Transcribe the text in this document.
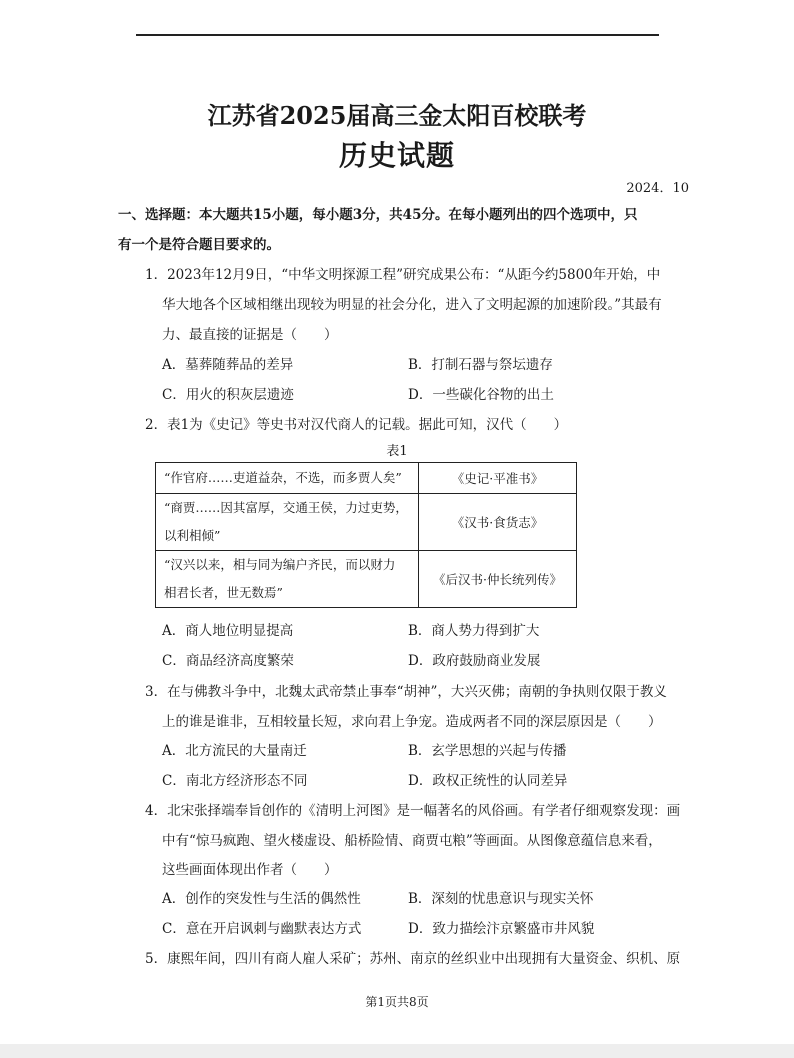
江苏省2025届高三金太阳百校联考
历史试题
2024．10
一、选择题：本大题共15小题，每小题3分，共45分。在每小题列出的四个选项中，只
有一个是符合题目要求的。
1．2023年12月9日，“中华文明探源工程”研究成果公布：“从距今约5800年开始，中
华大地各个区域相继出现较为明显的社会分化，进入了文明起源的加速阶段。”其最有
力、最直接的证据是（　　）
A．墓葬随葬品的差异	B．打制石器与祭坛遗存
C．用火的积灰层遗迹	D．一些碳化谷物的出土
2．表1为《史记》等史书对汉代商人的记载。据此可知，汉代（　　）
表1
“作官府……吏道益杂，不选，而多贾人矣”	《史记·平准书》

“商贾……因其富厚，交通王侯，力过吏势，
以利相倾”	《汉书·食货志》

“汉兴以来，相与同为编户齐民，而以财力
相君长者，世无数焉”	《后汉书·仲长统列传》
A．商人地位明显提高	B．商人势力得到扩大
C．商品经济高度繁荣	D．政府鼓励商业发展
3．在与佛教斗争中，北魏太武帝禁止事奉“胡神”，大兴灭佛；南朝的争执则仅限于教义
上的谁是谁非，互相较量长短，求向君上争宠。造成两者不同的深层原因是（　　）
A．北方流民的大量南迁	B．玄学思想的兴起与传播
C．南北方经济形态不同	D．政权正统性的认同差异
4．北宋张择端奉旨创作的《清明上河图》是一幅著名的风俗画。有学者仔细观察发现：画
中有“惊马疯跑、望火楼虚设、船桥险情、商贾屯粮”等画面。从图像意蕴信息来看，
这些画面体现出作者（　　）
A．创作的突发性与生活的偶然性	B．深刻的忧患意识与现实关怀
C．意在开启讽刺与幽默表达方式	D．致力描绘汴京繁盛市井风貌
5．康熙年间，四川有商人雇人采矿；苏州、南京的丝织业中出现拥有大量资金、织机、原
第1页共8页
